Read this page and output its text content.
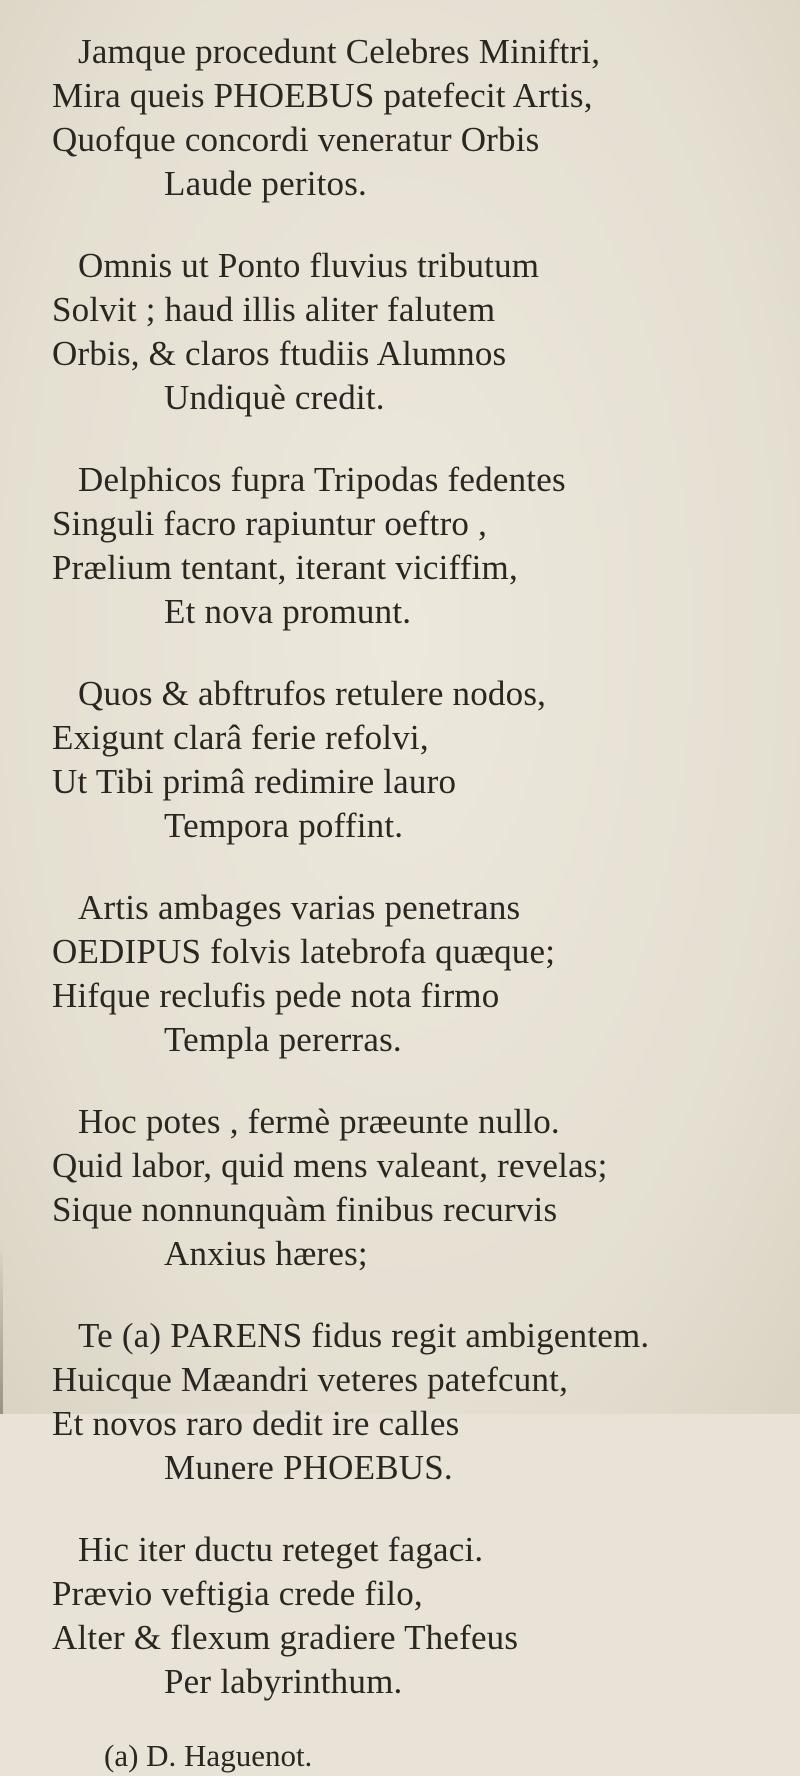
Jamque procedunt Celebres Miniftri,
Mira queis PHOEBUS patefecit Artis,
Quofque concordi veneratur Orbis
Laude peritos.
Omnis ut Ponto fluvius tributum
Solvit ; haud illis aliter falutem
Orbis, & claros ftudiis Alumnos
Undiquè credit.
Delphicos fupra Tripodas fedentes
Singuli facro rapiuntur oeftro ,
Prælium tentant, iterant viciffim,
Et nova promunt.
Quos & abftrufos retulere nodos,
Exigunt clarâ ferie refolvi,
Ut Tibi primâ redimire lauro
Tempora poffint.
Artis ambages varias penetrans
OEDIPUS folvis latebrofa quæque;
Hifque reclufis pede nota firmo
Templa pererras.
Hoc potes , fermè præeunte nullo.
Quid labor, quid mens valeant, revelas;
Sique nonnunquàm finibus recurvis
Anxius hæres;
Te (a) PARENS fidus regit ambigentem.
Huicque Mæandri veteres patefcunt,
Et novos raro dedit ire calles
Munere PHOEBUS.
Hic iter ductu reteget fagaci.
Prævio veftigia crede filo,
Alter & flexum gradiere Thefeus
Per labyrinthum.
(a) D. Haguenot.
